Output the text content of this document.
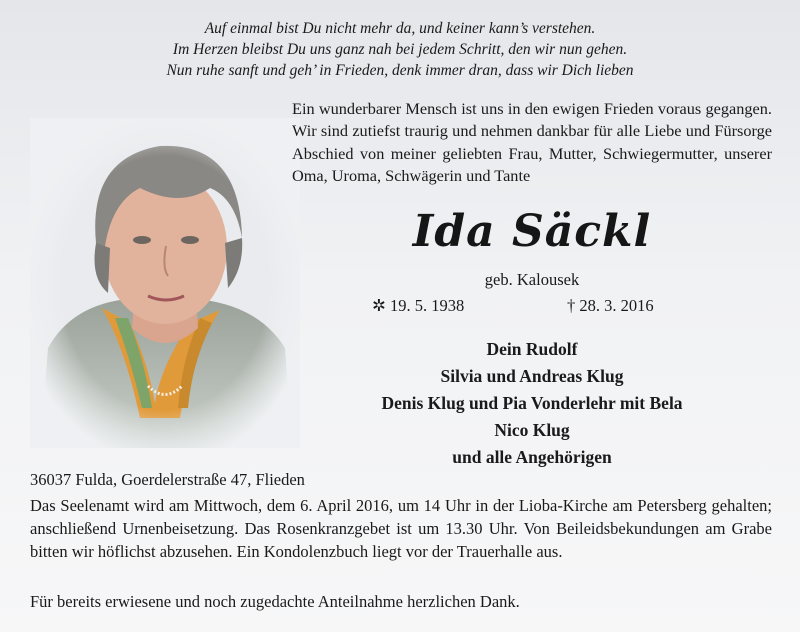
Auf einmal bist Du nicht mehr da, und keiner kann’s verstehen.
Im Herzen bleibst Du uns ganz nah bei jedem Schritt, den wir nun gehen.
Nun ruhe sanft und geh’ in Frieden, denk immer dran, dass wir Dich lieben
Ein wunderbarer Mensch ist uns in den ewigen Frieden voraus gegangen. Wir sind zutiefst traurig und nehmen dankbar für alle Liebe und Fürsorge Abschied von meiner geliebten Frau, Mutter, Schwiegermutter, unserer Oma, Uroma, Schwägerin und Tante
Ida Säckl
geb. Kalousek
✲ 19. 5. 1938	† 28. 3. 2016
Dein Rudolf
Silvia und Andreas Klug
Denis Klug und Pia Vonderlehr mit Bela
Nico Klug
und alle Angehörigen
36037 Fulda, Goerdelerstraße 47, Flieden
Das Seelenamt wird am Mittwoch, dem 6. April 2016, um 14 Uhr in der Lioba-Kirche am Petersberg gehalten; anschließend Urnenbeisetzung. Das Rosenkranzgebet ist um 13.30 Uhr. Von Beileidsbekundungen am Grabe bitten wir höflichst abzusehen. Ein Kondolenzbuch liegt vor der Trauerhalle aus.
Für bereits erwiesene und noch zugedachte Anteilnahme herzlichen Dank.
